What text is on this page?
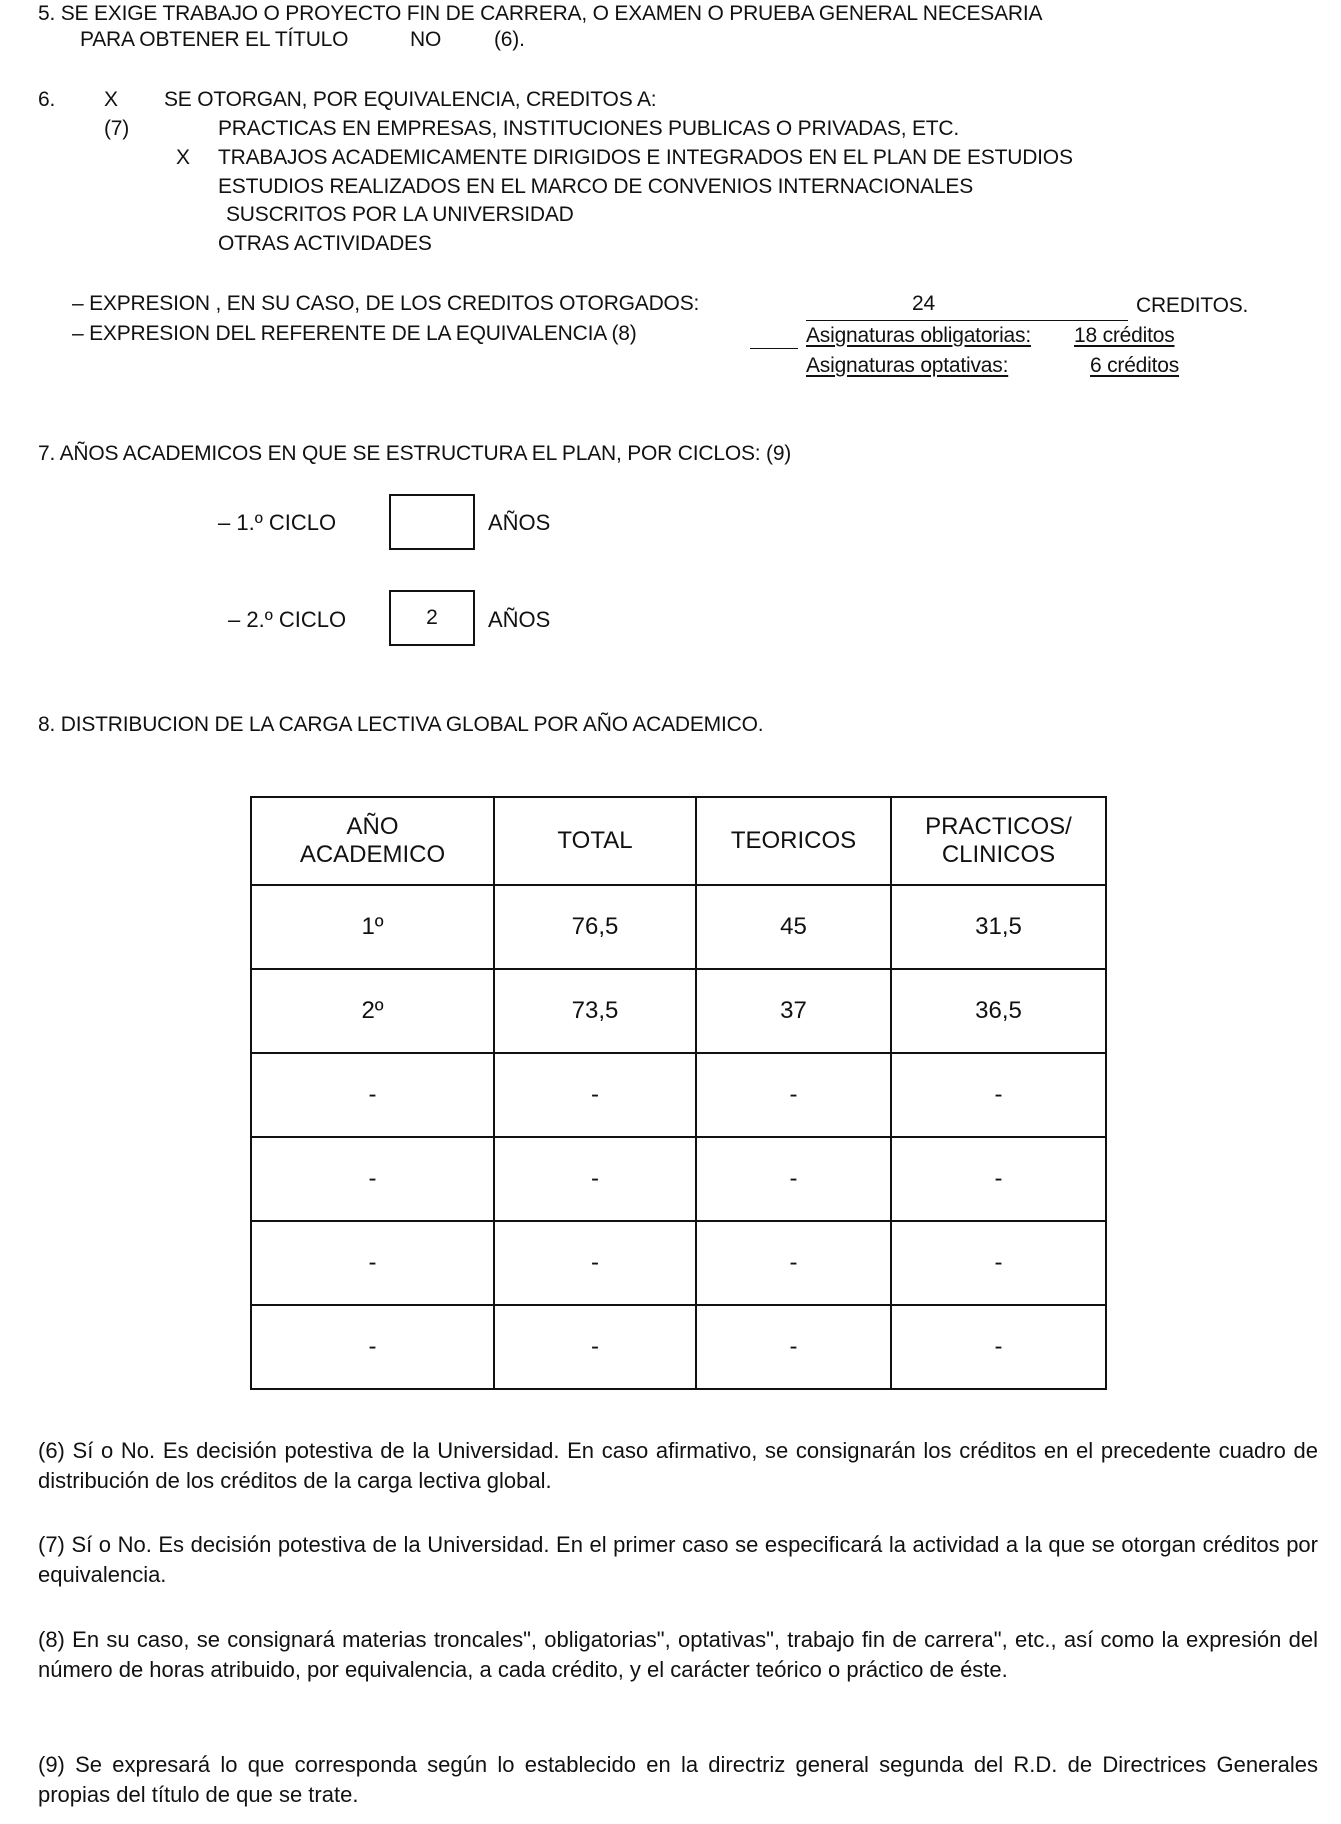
5. SE EXIGE TRABAJO O PROYECTO FIN DE CARRERA, O EXAMEN O PRUEBA GENERAL NECESARIA
PARA OBTENER EL TÍTULO	NO	(6).
6. X SE OTORGAN, POR EQUIVALENCIA, CREDITOS A:
(7)	PRACTICAS EN EMPRESAS, INSTITUCIONES PUBLICAS O PRIVADAS, ETC.
X TRABAJOS ACADEMICAMENTE DIRIGIDOS E INTEGRADOS EN EL PLAN DE ESTUDIOS
ESTUDIOS REALIZADOS EN EL MARCO DE CONVENIOS INTERNACIONALES
SUSCRITOS POR LA UNIVERSIDAD
OTRAS ACTIVIDADES
– EXPRESION , EN SU CASO, DE LOS CREDITOS OTORGADOS:	24	CREDITOS.
– EXPRESION DEL REFERENTE DE LA EQUIVALENCIA (8)	Asignaturas obligatorias: 18 créditos
Asignaturas optativas:	6 créditos
7. AÑOS ACADEMICOS EN QUE SE ESTRUCTURA EL PLAN, POR CICLOS: (9)
– 1.º CICLO	AÑOS
– 2.º CICLO	2	AÑOS
8. DISTRIBUCION DE LA CARGA LECTIVA GLOBAL POR AÑO ACADEMICO.
AÑO
ACADEMICO	TOTAL	TEORICOS	PRACTICOS/
CLINICOS
1º	76,5	45	31,5
2º	73,5	37	36,5
-	-	-	-
-	-	-	-
-	-	-	-
-	-	-	-
(6) Sí o No. Es decisión potestiva de la Universidad. En caso afirmativo, se consignarán los créditos en el precedente cuadro de distribución de los créditos de la carga lectiva global.
(7) Sí o No. Es decisión potestiva de la Universidad. En el primer caso se especificará la actividad a la que se otorgan créditos por equivalencia.
(8) En su caso, se consignará materias troncales", obligatorias", optativas", trabajo fin de carrera", etc., así como la expresión del número de horas atribuido, por equivalencia, a cada crédito, y el carácter teórico o práctico de éste.
(9) Se expresará lo que corresponda según lo establecido en la directriz general segunda del R.D. de Directrices Generales propias del título de que se trate.
